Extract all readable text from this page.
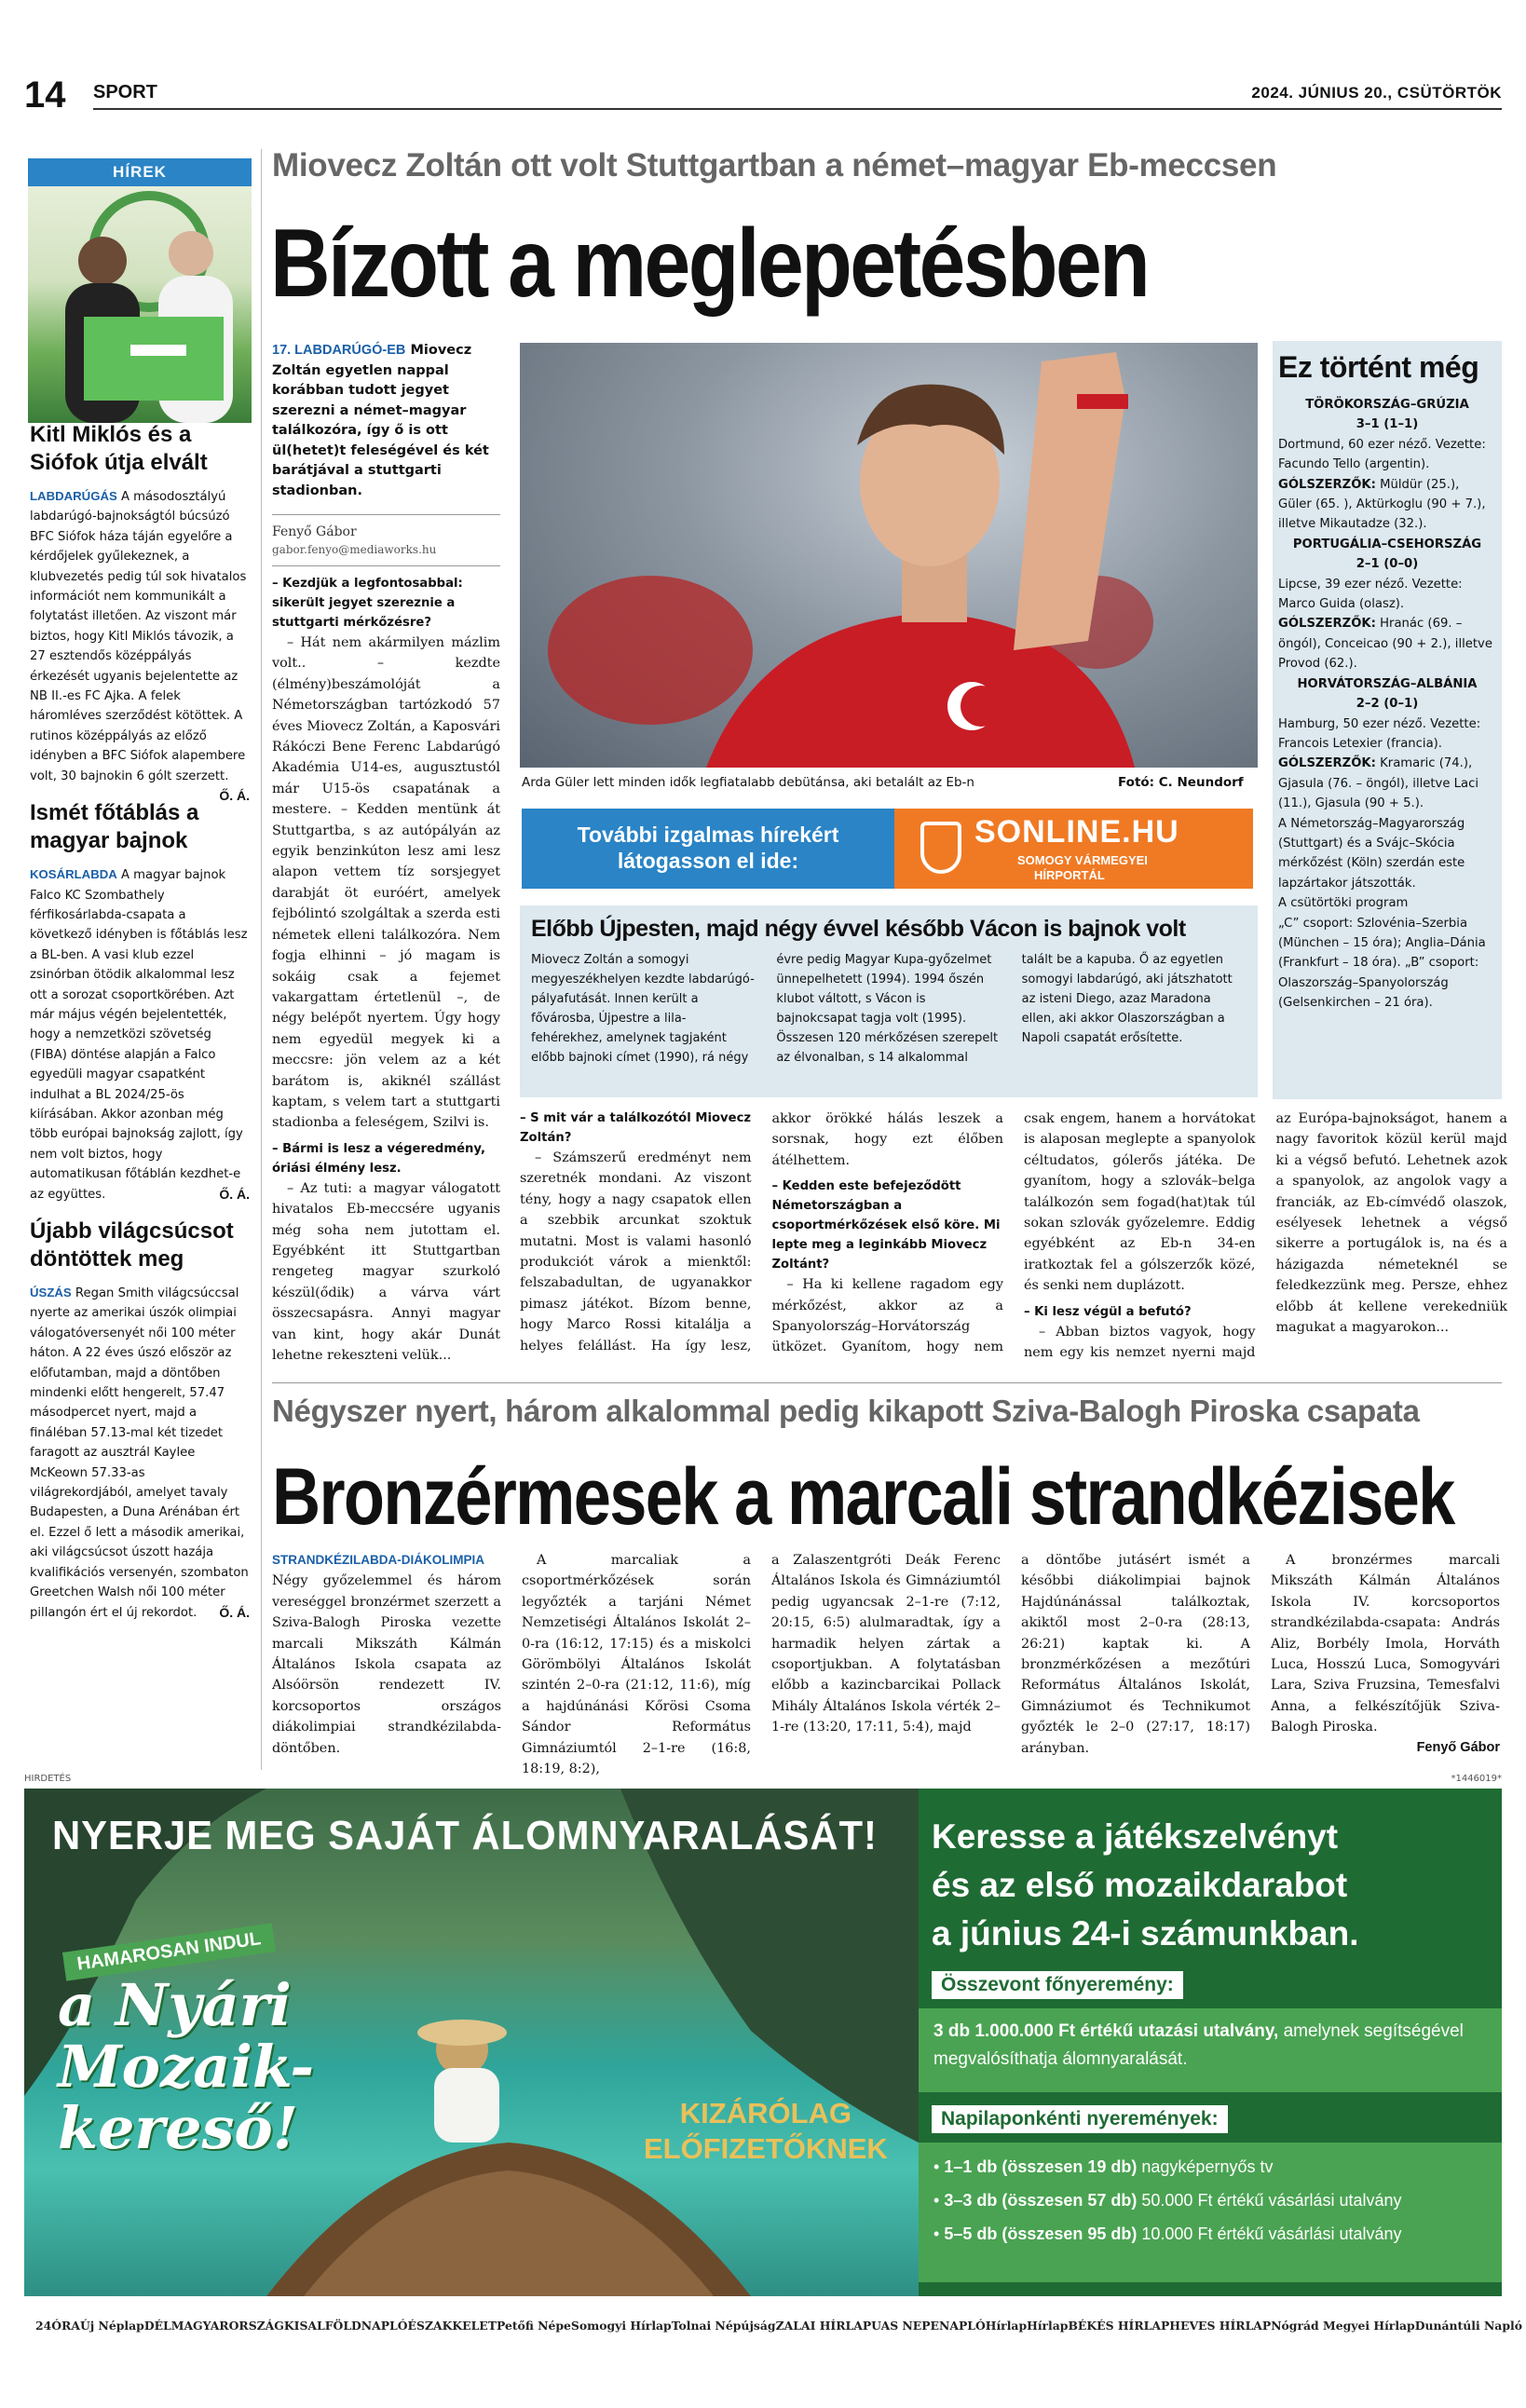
14 SPORT	2024. JÚNIUS 20., CSÜTÖRTÖK
HÍREK
Kitl Miklós és a Siófok útja elvált
LABDARÚGÁS A másodosztályú labdarúgó-bajnokságtól búcsúzó BFC Siófok háza táján egyelőre a kérdőjelek gyűlekeznek, a klubvezetés pedig túl sok hivatalos információt nem kommunikált a folytatást illetően. Az viszont már biztos, hogy Kitl Miklós távozik, a 27 esztendős középpályás érkezését ugyanis bejelentette az NB II.-es FC Ajka. A felek háromléves szerződést kötöttek. A rutinos középpályás az előző idényben a BFC Siófok alapembere volt, 30 bajnokin 6 gólt szerzett.
Ő. Á.
Ismét főtáblás a magyar bajnok
KOSÁRLABDA A magyar bajnok Falco KC Szombathely férfikosárlabda-csapata a következő idényben is főtáblás lesz a BL-ben. A vasi klub ezzel zsinórban ötödik alkalommal lesz ott a sorozat csoportkörében. Azt már május végén bejelentették, hogy a nemzetközi szövetség (FIBA) döntése alapján a Falco egyedüli magyar csapatként indulhat a BL 2024/25-ös kiírásában. Akkor azonban még több európai bajnokság zajlott, így nem volt biztos, hogy automatikusan főtáblán kezdhet-e az együttes.	Ő. Á.
Újabb világcsúcsot döntöttek meg
ÚSZÁS Regan Smith világcsúccsal nyerte az amerikai úszók olimpiai válogatóversenyét női 100 méter háton. A 22 éves úszó először az előfutamban, majd a döntőben mindenki előtt hengerelt, 57.47 másodpercet nyert, majd a fináléban 57.13-mal két tizedet faragott az ausztrál Kaylee McKeown 57.33-as világrekordjából, amelyet tavaly Budapesten, a Duna Arénában ért el. Ezzel ő lett a második amerikai, aki világcsúcsot úszott hazája kvalifikációs versenyén, szombaton Greetchen Walsh női 100 méter pillangón ért el új rekordot. Ő. Á.
Miovecz Zoltán ott volt Stuttgartban a német–magyar Eb-meccsen
Bízott a meglepetésben
17. LABDARÚGÓ-EB Miovecz Zoltán egyetlen nappal korábban tudott jegyet szerezni a német–magyar találkozóra, így ő is ott ül(hetet)t feleségével és két barátjával a stuttgarti stadionban.
Fenyő Gábor
gabor.fenyo@mediaworks.hu
– Kezdjük a legfontosabbal: sikerült jegyet szereznie a stuttgarti mérkőzésre?
– Hát nem akármilyen mázlim volt.. – kezdte (élmény)beszámolóját a Németországban tartózkodó 57 éves Miovecz Zoltán, a Kaposvári Rákóczi Bene Ferenc Labdarúgó Akadémia U14-es, augusztustól már U15-ös csapatának a mestere. – Kedden mentünk át Stuttgartba, s az autópályán az egyik benzinkúton lesz ami lesz alapon vettem tíz sorsjegyet darabját öt euróért, amelyek fejbólintó szolgáltak a szerda esti németek elleni találkozóra. Nem fogja elhinni – jó magam is sokáig csak a fejemet vakargattam értetlenül –, de négy belépőt nyertem. Úgy hogy nem egyedül megyek ki a meccsre: jön velem az a két barátom is, akiknél szállást kaptam, s velem tart a stuttgarti stadionba a feleségem, Szilvi is.
– Bármi is lesz a végeredmény, óriási élmény lesz.
– Az tuti: a magyar válogatott hivatalos Eb-meccsére ugyanis még soha nem jutottam el. Egyébként itt Stuttgartban rengeteg magyar szurkoló készül(ődik) a várva várt összecsapásra. Annyi magyar van kint, hogy akár Dunát lehetne rekeszteni velük...
Arda Güler lett minden idők legfiatalabb debütánsa, aki betalált az Eb-n	Fotó: C. Neundorf
További izgalmas hírekért
látogasson el ide:
SONLINE.HU
SOMOGY VÁRMEGYEI
HÍRPORTÁL
Előbb Újpesten, majd négy évvel később Vácon is bajnok volt
Miovecz Zoltán a somogyi megyeszékhelyen kezdte labdarúgó-pályafutását. Innen került a fővárosba, Újpestre a lila-fehérekhez, amelynek tagjaként előbb bajnoki címet (1990), rá négy évre pedig Magyar Kupa-győzelmet ünnepelhetett (1994). 1994 őszén klubot váltott, s Vácon is bajnokcsapat tagja volt (1995). Összesen 120 mérkőzésen szerepelt az élvonalban, s 14 alkalommal talált be a kapuba. Ő az egyetlen somogyi labdarúgó, aki játszhatott az isteni Diego, azaz Maradona ellen, aki akkor Olaszországban a Napoli csapatát erősítette.
– S mit vár a találkozótól Miovecz Zoltán?
– Számszerű eredményt nem szeretnék mondani. Az viszont tény, hogy a nagy csapatok ellen a szebbik arcunkat szoktuk mutatni. Most is valami hasonló produkciót várok a mienktől: felszabadultan, de ugyanakkor pimasz játékot. Bízom benne, hogy Marco Rossi kitalálja a helyes felállást. Ha így lesz, akkor örökké hálás leszek a sorsnak, hogy ezt élőben átélhettem.
– Kedden este befejeződött Németországban a csoportmérkőzések első köre. Mi lepte meg a leginkább Miovecz Zoltánt?
– Ha ki kellene ragadom egy mérkőzést, akkor az a Spanyolország–Horvátország ütközet. Gyanítom, hogy nem csak engem, hanem a horvátokat is alaposan meglepte a spanyolok céltudatos, gólerős játéka. De gyanítom, hogy a szlovák–belga találkozón sem fogad(hat)tak túl sokan szlovák győzelemre. Eddig egyébként az Eb-n 34-en iratkoztak fel a gólszerzők közé, és senki nem duplázott.
– Ki lesz végül a befutó?
– Abban biztos vagyok, hogy nem egy kis nemzet nyerni majd az Európa-bajnokságot, hanem a nagy favoritok közül kerül majd ki a végső befutó. Lehetnek azok a spanyolok, az angolok vagy a franciák, az Eb-címvédő olaszok, esélyesek lehetnek a végső sikerre a portugálok is, na és a házigazda németeknél se feledkezzünk meg. Persze, ehhez előbb át kellene verekedniük magukat a magyarokon...
Ez történt még
TÖRÖKORSZÁG–GRÚZIA
3–1 (1–1)
Dortmund, 60 ezer néző. Vezette: Facundo Tello (argentin). GÓLSZERZŐK: Müldür (25.), Güler (65. ), Aktürkoglu (90 + 7.), illetve Mikautadze (32.).
PORTUGÁLIA–CSEHORSZÁG
2–1 (0–0)
Lipcse, 39 ezer néző. Vezette: Marco Guida (olasz). GÓLSZERZŐK: Hranác (69. – öngól), Conceicao (90 + 2.), illetve Provod (62.).
HORVÁTORSZÁG–ALBÁNIA
2–2 (0–1)
Hamburg, 50 ezer néző. Vezette: Francois Letexier (francia). GÓLSZERZŐK: Kramaric (74.), Gjasula (76. – öngól), illetve Laci (11.), Gjasula (90 + 5.).
A Németország–Magyarország (Stuttgart) és a Svájc–Skócia mérkőzést (Köln) szerdán este lapzártakor játszották.
A csütörtöki program
„C” csoport: Szlovénia–Szerbia (München – 15 óra); Anglia–Dánia (Frankfurt – 18 óra). „B” csoport: Olaszország–Spanyolország (Gelsenkirchen – 21 óra).
Négyszer nyert, három alkalommal pedig kikapott Sziva-Balogh Piroska csapata
Bronzérmesek a marcali strandkézisek
STRANDKÉZILABDA-DIÁKOLIMPIA Négy győzelemmel és három vereséggel bronzérmet szerzett a Sziva-Balogh Piroska vezette marcali Mikszáth Kálmán Általános Iskola csapata az Alsóörsön rendezett IV. korcsoportos országos diákolimpiai strandkézilabda-döntőben.
A marcaliak a csoportmérkőzések során legyőzték a tarjáni Német Nemzetiségi Általános Iskolát 2–0-ra (16:12, 17:15) és a miskolci Görömbölyi Általános Iskolát szintén 2–0-ra (21:12, 11:6), míg a hajdúnánási Kőrösi Csoma Sándor Református Gimnáziumtól 2–1-re (16:8, 18:19, 8:2),
a Zalaszentgróti Deák Ferenc Általános Iskola és Gimnáziumtól pedig ugyancsak 2–1-re (7:12, 20:15, 6:5) alulmaradtak, így a harmadik helyen zártak a csoportjukban. A folytatásban előbb a kazincbarcikai Pollack Mihály Általános Iskola vérték 2–1-re (13:20, 17:11, 5:4), majd
a döntőbe jutásért ismét a későbbi diákolimpiai bajnok Hajdúnánással találkoztak, akiktől most 2–0-ra (28:13, 26:21) kaptak ki. A bronzmérkőzésen a mezőtúri Református Általános Iskolát, Gimnáziumot és Technikumot győzték le 2–0 (27:17, 18:17) arányban.
A bronzérmes marcali Mikszáth Kálmán Általános Iskola IV. korcsoportos strandkézilabda-csapata: András Aliz, Borbély Imola, Horváth Luca, Hosszú Luca, Somogyvári Lara, Sziva Fruzsina, Temesfalvi Anna, a felkészítőjük Sziva-Balogh Piroska.
Fenyő Gábor
HIRDETÉS	*1446019*
NYERJE MEG SAJÁT ÁLOMNYARALÁSÁT!
HAMAROSAN INDUL
a Nyári
Mozaik-
kereső!	KIZÁRÓLAG
ELŐFIZETŐKNEK
Keresse a játékszelvényt
és az első mozaikdarabot
a június 24-i számunkban.
Összevont főnyeremény:
3 db 1.000.000 Ft értékű utazási utalvány, amelynek segítségével megvalósíthatja álomnyaralását.
Napilaponkénti nyeremények:
• 1–1 db (összesen 19 db) nagyképernyős tv
• 3–3 db (összesen 57 db) 50.000 Ft értékű vásárlási utalvány
• 5–5 db (összesen 95 db) 10.000 Ft értékű vásárlási utalvány
24ÓRA Új Néplap DÉLMAGYARORSZÁG KISALFÖLD NAPLÓ ÉSZAK KELET Petőfi Népe Somogyi Hírlap Tolnai Népújság ZALAI HÍRLAP UAS NEPE NAPLÓ Hírlap Hírlap BÉKÉS HÍRLAP HEVES HÍRLAP Nógrád Megyei Hírlap Dunántúli Napló
